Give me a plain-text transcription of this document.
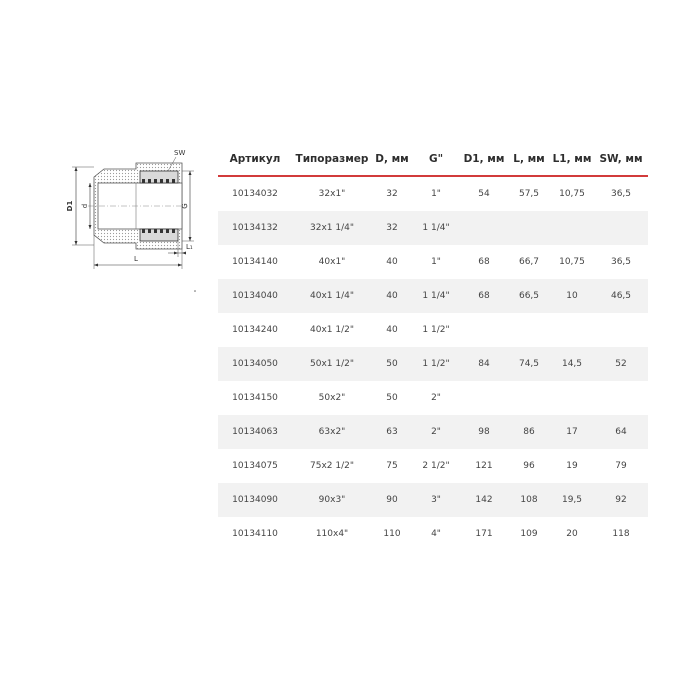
D1 d	G
SW
L
L₁
Артикул	Типоразмер	D, мм	G"	D1, мм	L, мм	L1, мм	SW, мм
10134032	32x1"	32	1"	54	57,5	10,75	36,5
10134132	32x1 1/4"	32	1 1/4"				
10134140	40x1"	40	1"	68	66,7	10,75	36,5
10134040	40x1 1/4"	40	1 1/4"	68	66,5	10	46,5
10134240	40x1 1/2"	40	1 1/2"				
10134050	50x1 1/2"	50	1 1/2"	84	74,5	14,5	52
10134150	50x2"	50	2"				
10134063	63x2"	63	2"	98	86	17	64
10134075	75x2 1/2"	75	2 1/2"	121	96	19	79
10134090	90x3"	90	3"	142	108	19,5	92
10134110	110x4"	110	4"	171	109	20	118
